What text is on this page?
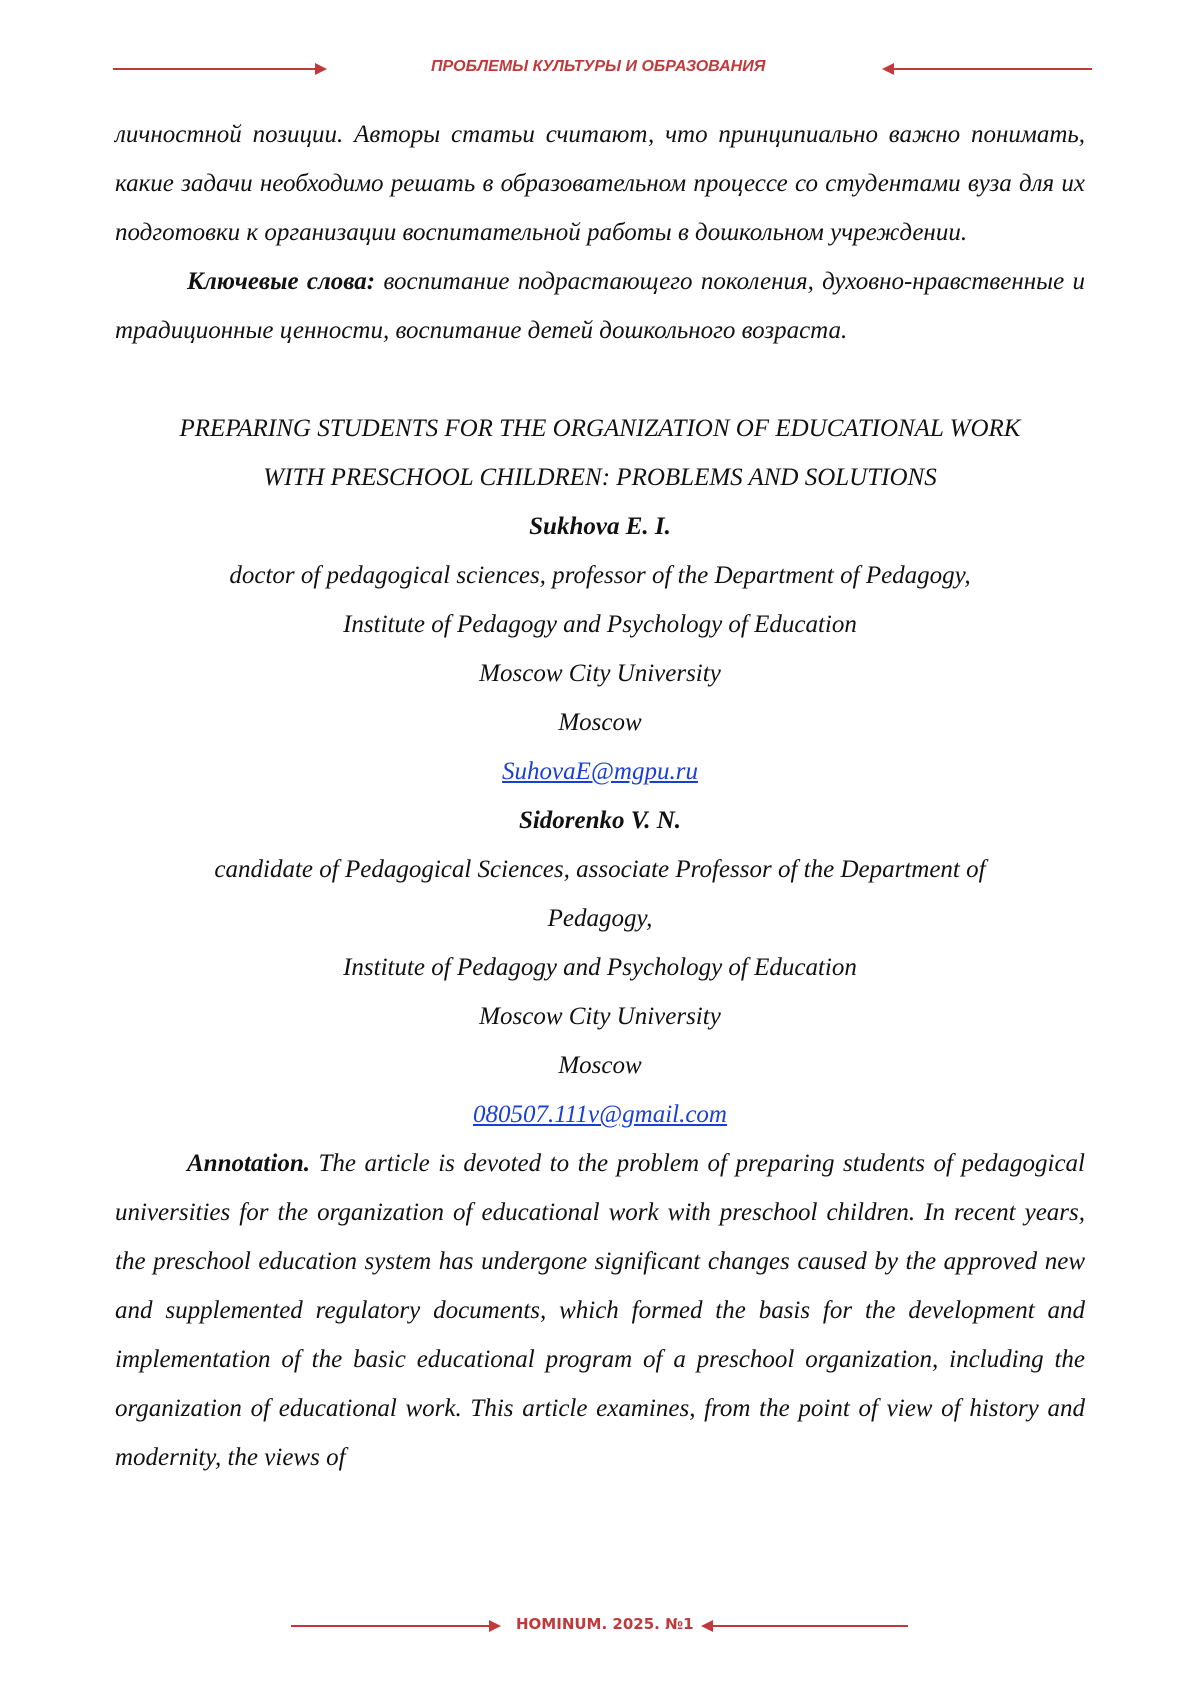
ПРОБЛЕМЫ КУЛЬТУРЫ И ОБРАЗОВАНИЯ

личностной позиции. Авторы статьи считают, что принципиально важно понимать, какие задачи необходимо решать в образовательном процессе со студентами вуза для их подготовки к организации воспитательной работы в дошкольном учреждении.

Ключевые слова: воспитание подрастающего поколения, духовно-нравственные и традиционные ценности, воспитание детей дошкольного возраста.

PREPARING STUDENTS FOR THE ORGANIZATION OF EDUCATIONAL WORK

WITH PRESCHOOL CHILDREN: PROBLEMS AND SOLUTIONS

Sukhova E. I.

doctor of pedagogical sciences, professor of the Department of Pedagogy,

Institute of Pedagogy and Psychology of Education

Moscow City University

Moscow

SuhovaE@mgpu.ru

Sidorenko V. N.

candidate of Pedagogical Sciences, associate Professor of the Department of

Pedagogy,

Institute of Pedagogy and Psychology of Education

Moscow City University

Moscow

080507.111v@gmail.com

Annotation. The article is devoted to the problem of preparing students of pedagogical universities for the organization of educational work with preschool children. In recent years, the preschool education system has undergone significant changes caused by the approved new and supplemented regulatory documents, which formed the basis for the development and implementation of the basic educational program of a preschool organization, including the organization of educational work. This article examines, from the point of view of history and modernity, the views of

HOMINUM. 2025. №1
